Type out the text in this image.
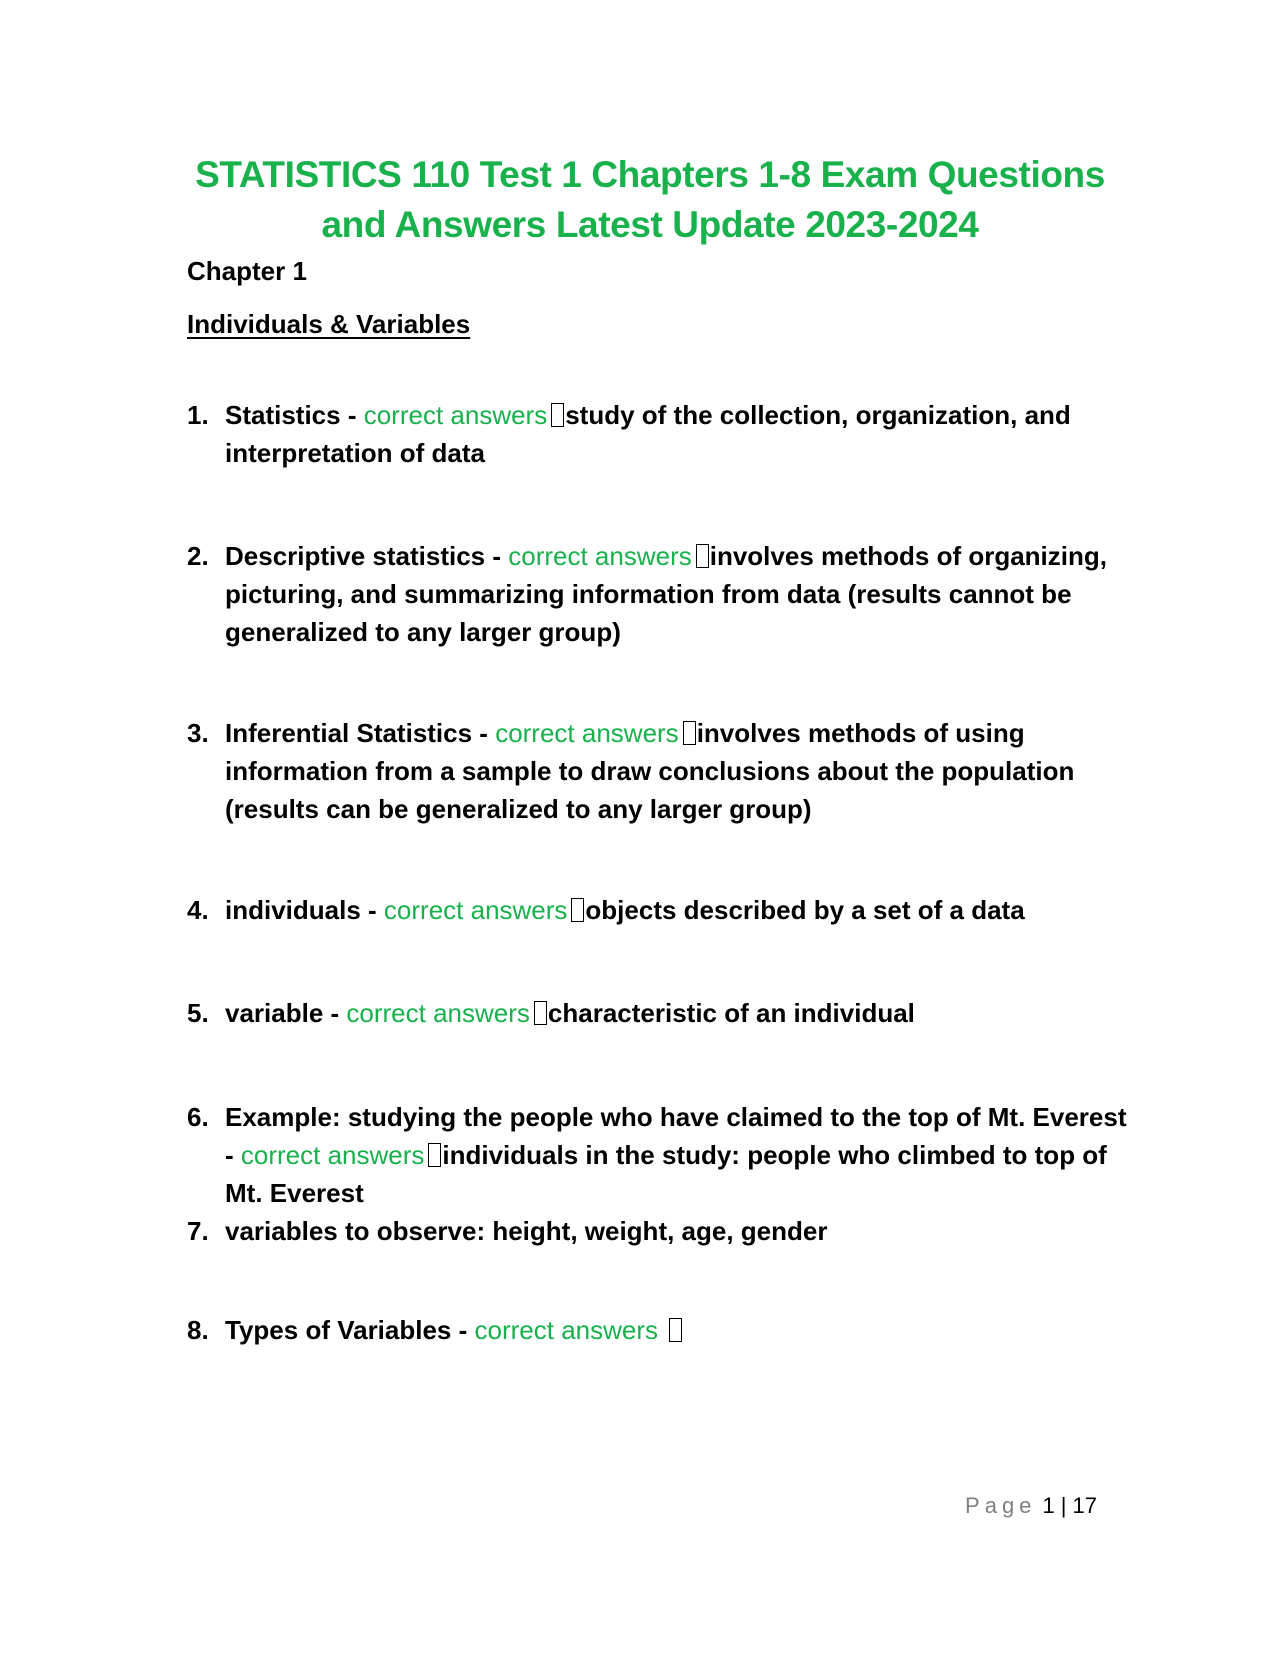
STATISTICS 110 Test 1 Chapters 1-8 Exam Questions
and Answers Latest Update 2023-2024
Chapter 1
Individuals & Variables
1. Statistics - correct answers study of the collection, organization, and interpretation of data
2. Descriptive statistics - correct answers involves methods of organizing, picturing, and summarizing information from data (results cannot be generalized to any larger group)
3. Inferential Statistics - correct answers involves methods of using information from a sample to draw conclusions about the population (results can be generalized to any larger group)
4. individuals - correct answers objects described by a set of a data
5. variable - correct answers characteristic of an individual
6. Example: studying the people who have claimed to the top of Mt. Everest - correct answers individuals in the study: people who climbed to top of Mt. Everest
7. variables to observe: height, weight, age, gender
8. Types of Variables - correct answers
Page 1 | 17
